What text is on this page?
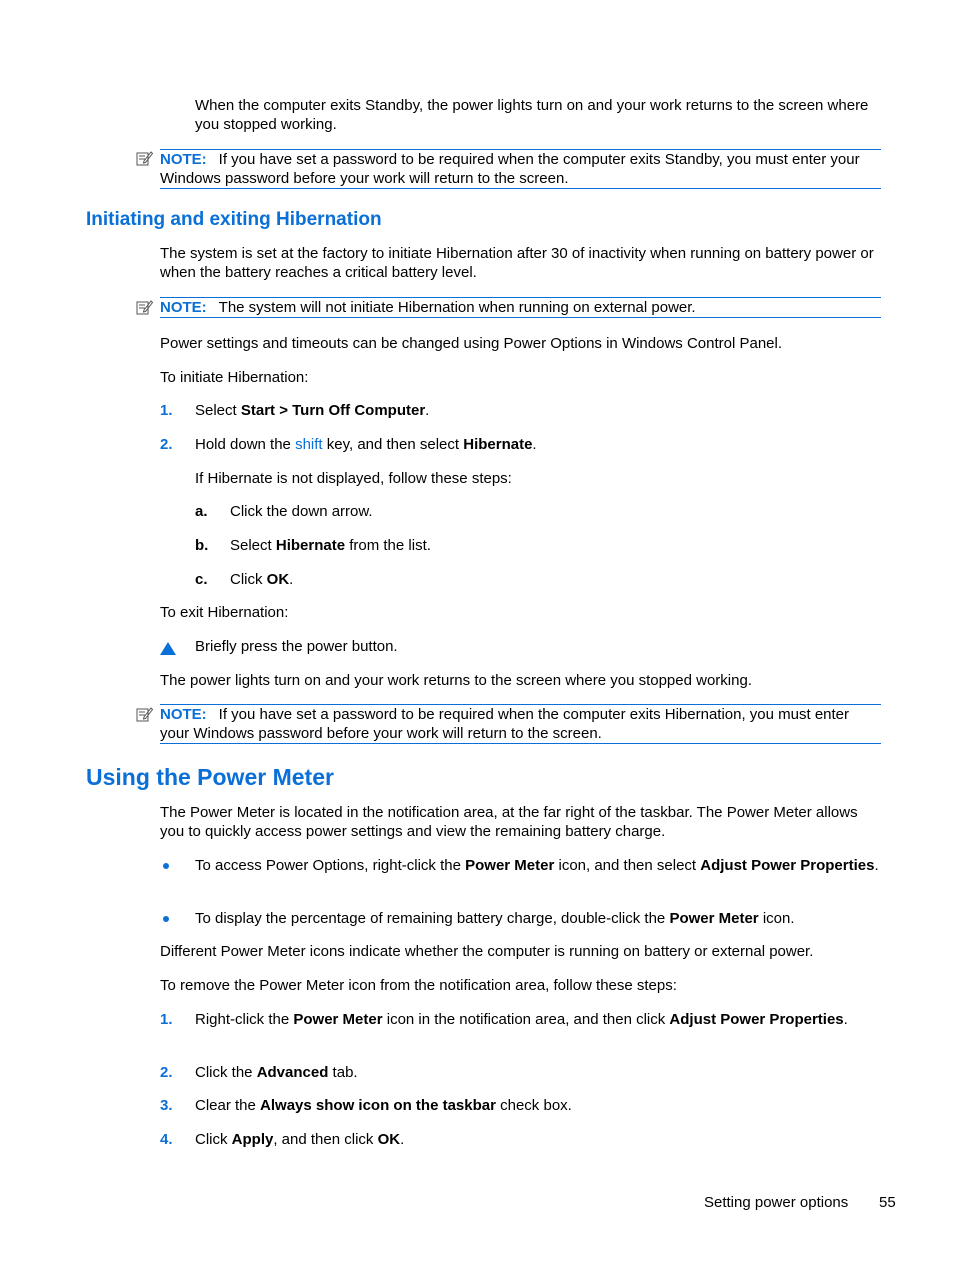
When the computer exits Standby, the power lights turn on and your work returns to the screen where you stopped working.
NOTE: If you have set a password to be required when the computer exits Standby, you must enter your Windows password before your work will return to the screen.
Initiating and exiting Hibernation
The system is set at the factory to initiate Hibernation after 30 of inactivity when running on battery power or when the battery reaches a critical battery level.
NOTE: The system will not initiate Hibernation when running on external power.
Power settings and timeouts can be changed using Power Options in Windows Control Panel.
To initiate Hibernation:
1. Select Start > Turn Off Computer.
2. Hold down the shift key, and then select Hibernate.
If Hibernate is not displayed, follow these steps:
a. Click the down arrow.
b. Select Hibernate from the list.
c. Click OK.
To exit Hibernation:
Briefly press the power button.
The power lights turn on and your work returns to the screen where you stopped working.
NOTE: If you have set a password to be required when the computer exits Hibernation, you must enter your Windows password before your work will return to the screen.
Using the Power Meter
The Power Meter is located in the notification area, at the far right of the taskbar. The Power Meter allows you to quickly access power settings and view the remaining battery charge.
To access Power Options, right-click the Power Meter icon, and then select Adjust Power Properties.
To display the percentage of remaining battery charge, double-click the Power Meter icon.
Different Power Meter icons indicate whether the computer is running on battery or external power.
To remove the Power Meter icon from the notification area, follow these steps:
1. Right-click the Power Meter icon in the notification area, and then click Adjust Power Properties.
2. Click the Advanced tab.
3. Clear the Always show icon on the taskbar check box.
4. Click Apply, and then click OK.
Setting power options 55
